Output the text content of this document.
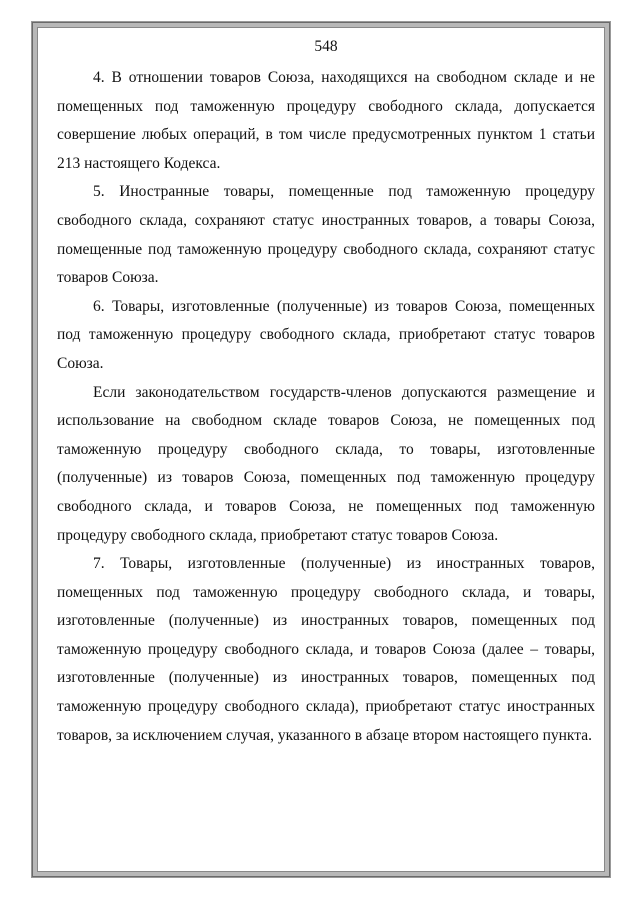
548

4. В отношении товаров Союза, находящихся на свободном складе и не помещенных под таможенную процедуру свободного склада, допускается совершение любых операций, в том числе предусмотренных пунктом 1 статьи 213 настоящего Кодекса.

5. Иностранные товары, помещенные под таможенную процедуру свободного склада, сохраняют статус иностранных товаров, а товары Союза, помещенные под таможенную процедуру свободного склада, сохраняют статус товаров Союза.

6. Товары, изготовленные (полученные) из товаров Союза, помещенных под таможенную процедуру свободного склада, приобретают статус товаров Союза.

Если законодательством государств-членов допускаются размещение и использование на свободном складе товаров Союза, не помещенных под таможенную процедуру свободного склада, то товары, изготовленные (полученные) из товаров Союза, помещенных под таможенную процедуру свободного склада, и товаров Союза, не помещенных под таможенную процедуру свободного склада, приобретают статус товаров Союза.

7. Товары, изготовленные (полученные) из иностранных товаров, помещенных под таможенную процедуру свободного склада, и товары, изготовленные (полученные) из иностранных товаров, помещенных под таможенную процедуру свободного склада, и товаров Союза (далее – товары, изготовленные (полученные) из иностранных товаров, помещенных под таможенную процедуру свободного склада), приобретают статус иностранных товаров, за исключением случая, указанного в абзаце втором настоящего пункта.
